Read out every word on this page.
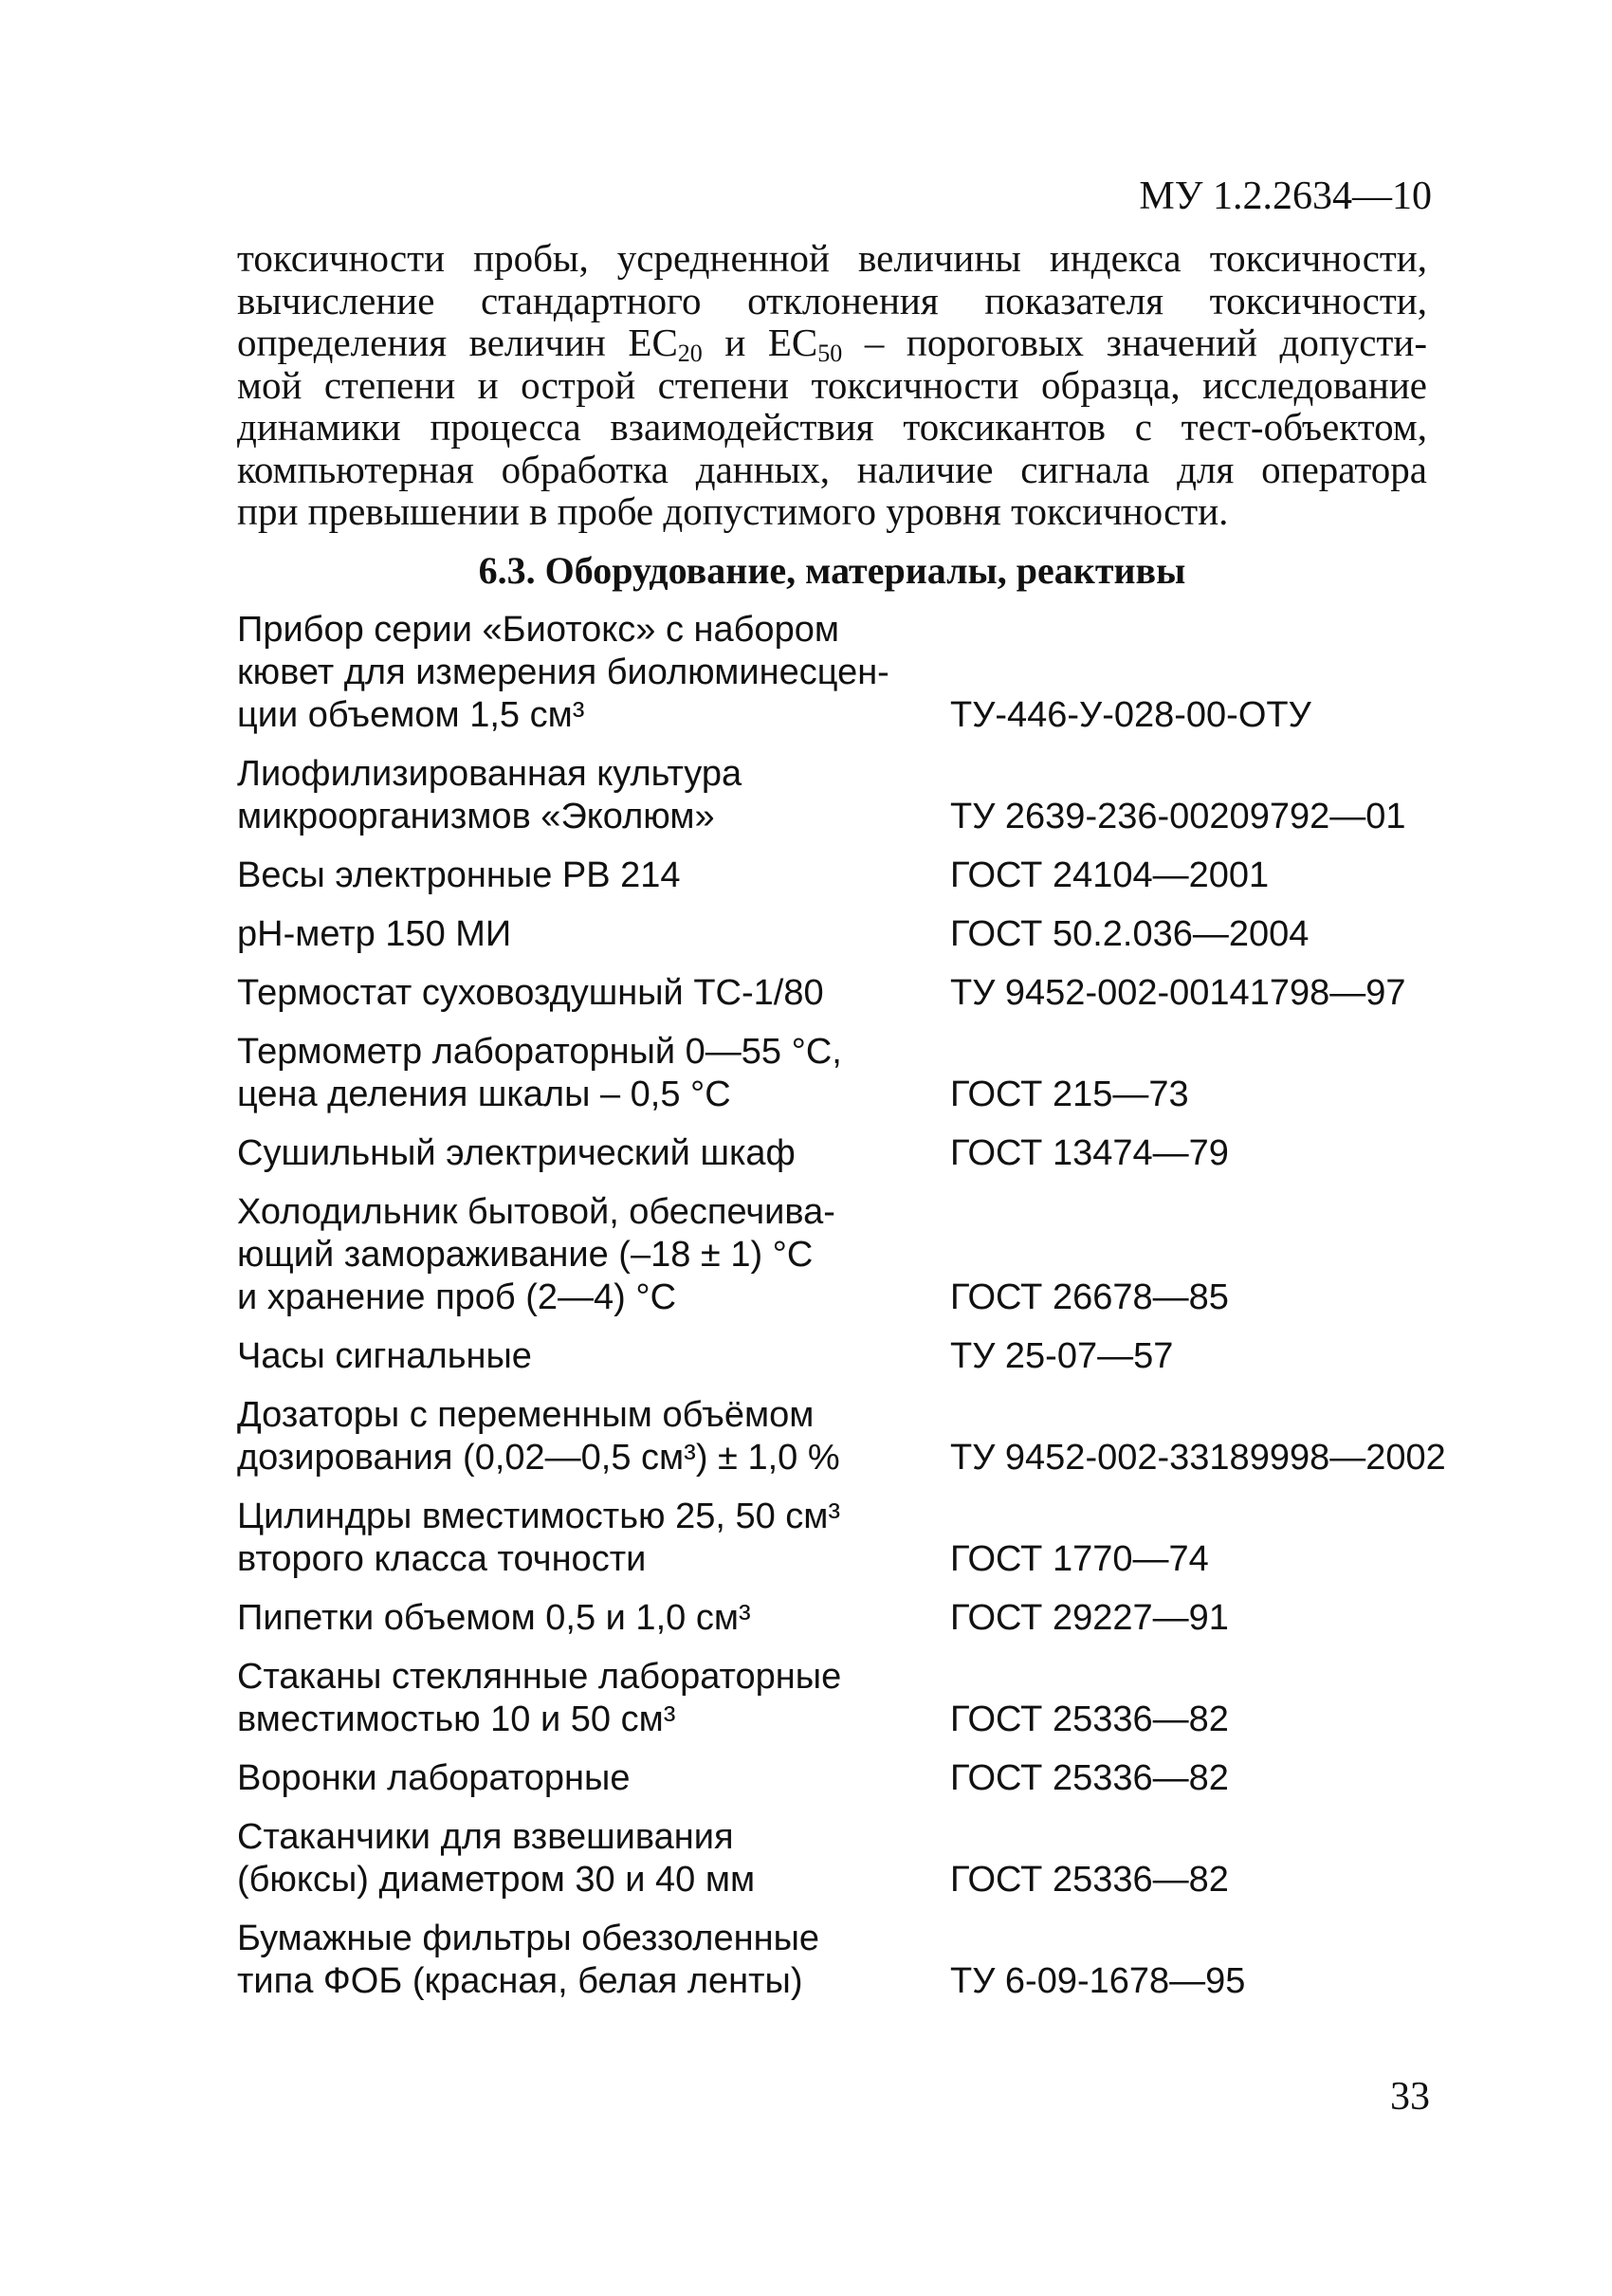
МУ 1.2.2634—10
токсичности пробы, усредненной величины индекса токсичности,
вычисление стандартного отклонения показателя токсичности,
определения величин $EC_{20}$ и $EC_{50}$ – пороговых значений допусти-
мой степени и острой степени токсичности образца, исследование
динамики процесса взаимодействия токсикантов с тест-объектом,
компьютерная обработка данных, наличие сигнала для оператора
при превышении в пробе допустимого уровня токсичности.
6.3. Оборудование, материалы, реактивы
Прибор серии «Биотокс» с набором
кювет для измерения биолюминесцен-
ции объемом 1,5 см³	ТУ-446-У-028-00-ОТУ
Лиофилизированная культура
микроорганизмов «Эколюм»	ТУ 2639-236-00209792—01
Весы электронные PB 214	ГОСТ 24104—2001
pH-метр 150 МИ	ГОСТ 50.2.036—2004
Термостат суховоздушный ТС-1/80	ТУ 9452-002-00141798—97
Термометр лабораторный 0—55 °С,
цена деления шкалы – 0,5 °С	ГОСТ 215—73
Сушильный электрический шкаф	ГОСТ 13474—79
Холодильник бытовой, обеспечива-
ющий замораживание (–18 ± 1) °С
и хранение проб (2—4) °С	ГОСТ 26678—85
Часы сигнальные	ТУ 25-07—57
Дозаторы с переменным объёмом
дозирования (0,02—0,5 см³) ± 1,0 %	ТУ 9452-002-33189998—2002
Цилиндры вместимостью 25, 50 см³
второго класса точности	ГОСТ 1770—74
Пипетки объемом 0,5 и 1,0 см³	ГОСТ 29227—91
Стаканы стеклянные лабораторные
вместимостью 10 и 50 см³	ГОСТ 25336—82
Воронки лабораторные	ГОСТ 25336—82
Стаканчики для взвешивания
(бюксы) диаметром 30 и 40 мм	ГОСТ 25336—82
Бумажные фильтры обеззоленные
типа ФОБ (красная, белая ленты)	ТУ 6-09-1678—95
33
